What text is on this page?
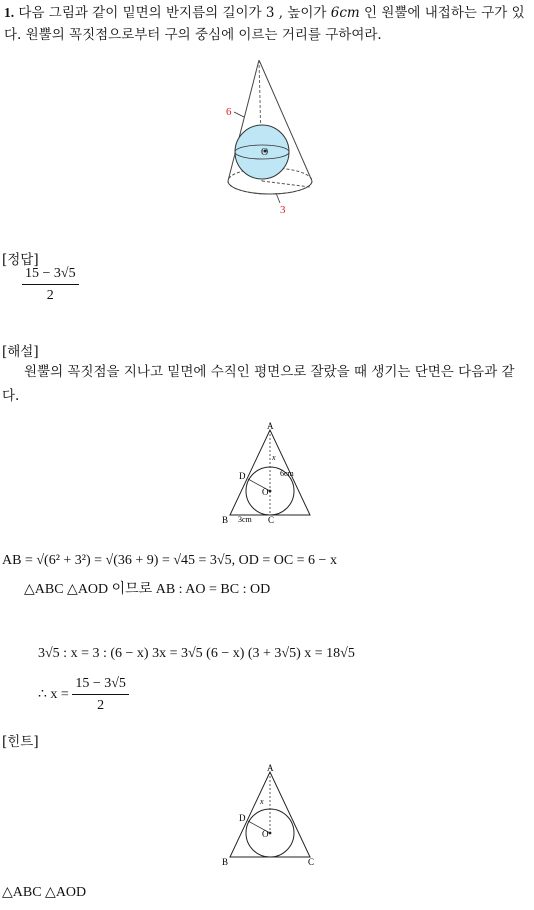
1. 다음 그림과 같이 밑면의 반지름의 길이가 3 , 높이가 6cm 인 원뿔에 내접하는 구가 있다. 원뿔의 꼭짓점으로부터 구의 중심에 이르는 거리를 구하여라.
O
6
3
[정답]
$\frac{15 - 3√5}{2}$
[해설]
원뿔의 꼭짓점을 지나고 밑면에 수직인 평면으로 잘랐을 때 생기는 단면은 다음과 같다.
A
B	C
D
O
x
6cm
3cm
AB = √(6² + 3²) = √(36 + 9) = √45 = 3√5, OD = OC = 6 − x
△ABC △AOD 이므로 AB : AO = BC : OD
3√5 : x = 3 : (6 − x) 3x = 3√5 (6 − x) (3 + 3√5) x = 18√5
∴ $x = \frac{15 - 3√5}{2}$
[힌트]
A
B	C
D
O
x
△ABC △AOD
